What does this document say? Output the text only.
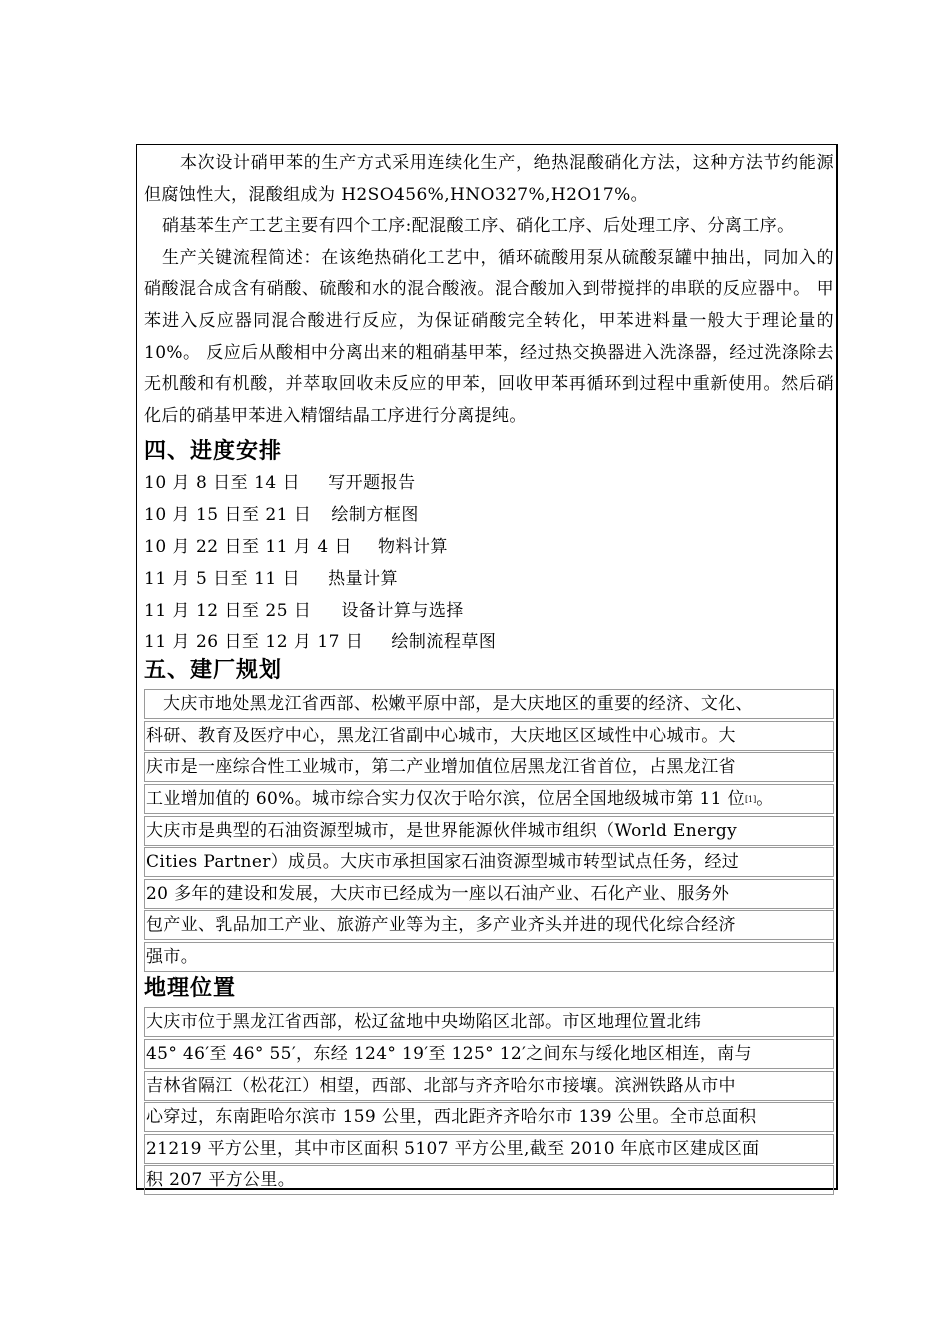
本次设计硝甲苯的生产方式采用连续化生产，绝热混酸硝化方法，这种方法节约能源但腐蚀性大，混酸组成为 H2SO456%,HNO327%,H2O17%。

硝基苯生产工艺主要有四个工序:配混酸工序、硝化工序、后处理工序、分离工序。

生产关键流程简述：在该绝热硝化工艺中，循环硫酸用泵从硫酸泵罐中抽出，同加入的硝酸混合成含有硝酸、硫酸和水的混合酸液。混合酸加入到带搅拌的串联的反应器中。 甲苯进入反应器同混合酸进行反应，为保证硝酸完全转化，甲苯进料量一般大于理论量的10%。 反应后从酸相中分离出来的粗硝基甲苯，经过热交换器进入洗涤器，经过洗涤除去无机酸和有机酸，并萃取回收未反应的甲苯，回收甲苯再循环到过程中重新使用。然后硝化后的硝基甲苯进入精馏结晶工序进行分离提纯。

四、进度安排
10 月 8 日至 14 日	写开题报告
10 月 15 日至 21 日	绘制方框图
10 月 22 日至 11 月 4 日	物料计算
11 月 5 日至 11 日	热量计算
11 月 12 日至 25 日	设备计算与选择
11 月 26 日至 12 月 17 日	绘制流程草图
五、建厂规划
大庆市地处黑龙江省西部、松嫩平原中部，是大庆地区的重要的经济、文化、
科研、教育及医疗中心，黑龙江省副中心城市，大庆地区区域性中心城市。大
庆市是一座综合性工业城市，第二产业增加值位居黑龙江省首位，占黑龙江省
工业增加值的 60%。城市综合实力仅次于哈尔滨，位居全国地级城市第 11 位[1]。
大庆市是典型的石油资源型城市，是世界能源伙伴城市组织（World Energy
Cities Partner）成员。大庆市承担国家石油资源型城市转型试点任务，经过
20 多年的建设和发展，大庆市已经成为一座以石油产业、石化产业、服务外
包产业、乳品加工产业、旅游产业等为主，多产业齐头并进的现代化综合经济
强市。
地理位置
大庆市位于黑龙江省西部，松辽盆地中央坳陷区北部。市区地理位置北纬
45° 46′至 46° 55′，东经 124° 19′至 125° 12′之间东与绥化地区相连，南与
吉林省隔江（松花江）相望，西部、北部与齐齐哈尔市接壤。滨洲铁路从市中
心穿过，东南距哈尔滨市 159 公里，西北距齐齐哈尔市 139 公里。全市总面积
21219 平方公里，其中市区面积 5107 平方公里,截至 2010 年底市区建成区面
积 207 平方公里。
